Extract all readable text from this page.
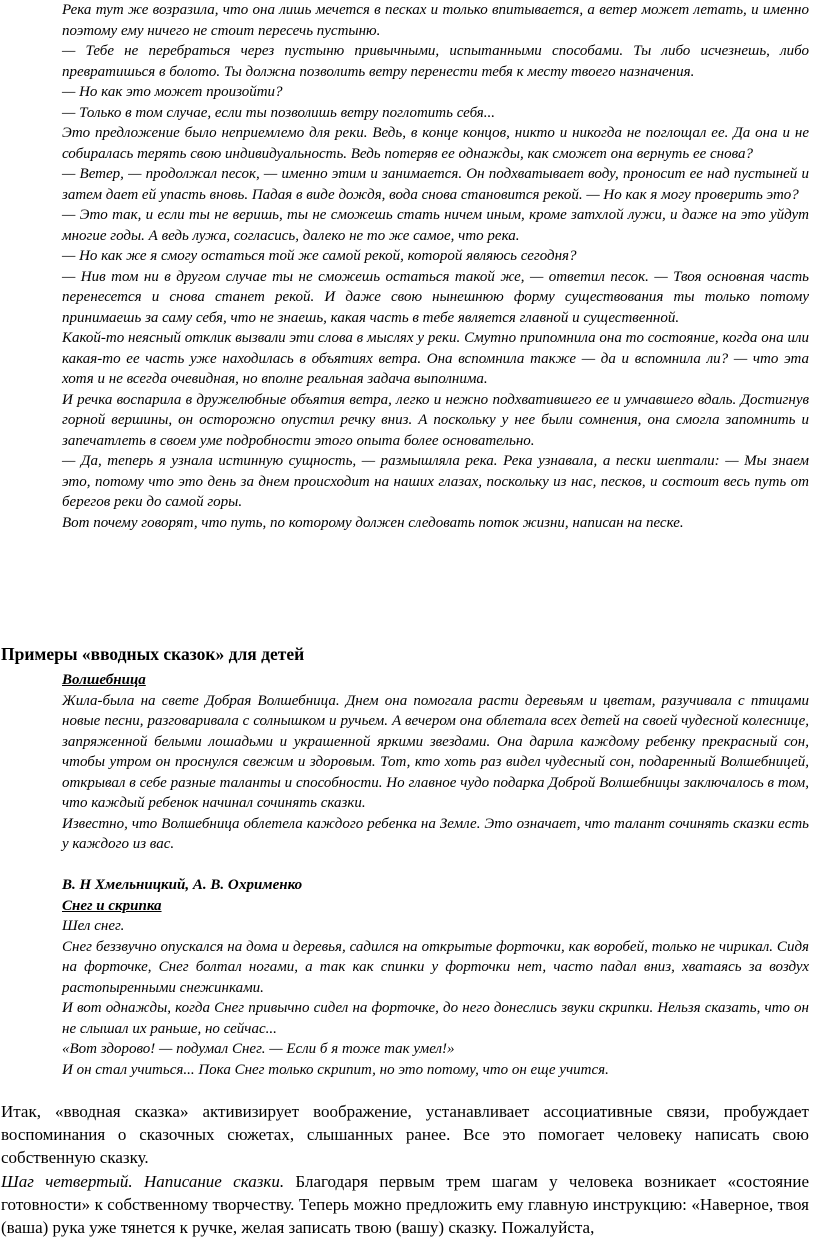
Река тут же возразила, что она лишь мечется в песках и только впитывается, а ветер может летать, и именно поэтому ему ничего не стоит пересечь пустыню.

— Тебе не перебраться через пустыню привычными, испытанными способами. Ты либо исчезнешь, либо превратишься в болото. Ты должна позволить ветру перенести тебя к месту твоего назначения.

— Но как это может произойти?

— Только в том случае, если ты позволишь ветру поглотить себя...

Это предложение было неприемлемо для реки. Ведь, в конце концов, никто и никогда не поглощал ее. Да она и не собиралась терять свою индивидуальность. Ведь потеряв ее однажды, как сможет она вернуть ее снова?

— Ветер, — продолжал песок, — именно этим и занимается. Он подхватывает воду, проносит ее над пустыней и затем дает ей упасть вновь. Падая в виде дождя, вода снова становится рекой. — Но как я могу проверить это?

— Это так, и если ты не веришь, ты не сможешь стать ничем иным, кроме затхлой лужи, и даже на это уйдут многие годы. А ведь лужа, согласись, далеко не то же самое, что река.

— Но как же я смогу остаться той же самой рекой, которой являюсь сегодня?

— Нив том ни в другом случае ты не сможешь остаться такой же, — ответил песок. — Твоя основная часть перенесется и снова станет рекой. И даже свою нынешнюю форму существования ты только потому принимаешь за саму себя, что не знаешь, какая часть в тебе является главной и существенной.

Какой-то неясный отклик вызвали эти слова в мыслях у реки. Смутно припомнила она то состояние, когда она или какая-то ее часть уже находилась в объятиях ветра. Она вспомнила также — да и вспомнила ли? — что эта хотя и не всегда очевидная, но вполне реальная задача выполнима.

И речка воспарила в дружелюбные объятия ветра, легко и нежно подхватившего ее и умчавшего вдаль. Достигнув горной вершины, он осторожно опустил речку вниз. А поскольку у нее были сомнения, она смогла запомнить и запечатлеть в своем уме подробности этого опыта более основательно.

— Да, теперь я узнала истинную сущность, — размышляла река. Река узнавала, а пески шептали: — Мы знаем это, потому что это день за днем происходит на наших глазах, поскольку из нас, песков, и состоит весь путь от берегов реки до самой горы.

Вот почему говорят, что путь, по которому должен следовать поток жизни, написан на песке.

Примеры «вводных сказок» для детей

Волшебница

Жила-была на свете Добрая Волшебница. Днем она помогала расти деревьям и цветам, разучивала с птицами новые песни, разговаривала с солнышком и ручьем. А вечером она облетала всех детей на своей чудесной колеснице, запряженной белыми лошадьми и украшенной яркими звездами. Она дарила каждому ребенку прекрасный сон, чтобы утром он проснулся свежим и здоровым. Тот, кто хоть раз видел чудесный сон, подаренный Волшебницей, открывал в себе разные таланты и способности. Но главное чудо подарка Доброй Волшебницы заключалось в том, что каждый ребенок начинал сочинять сказки.

Известно, что Волшебница облетела каждого ребенка на Земле. Это означает, что талант сочинять сказки есть у каждого из вас.

В. Н Хмельницкий, А. В. Охрименко

Снег и скрипка

Шел снег.

Снег беззвучно опускался на дома и деревья, садился на открытые форточки, как воробей, только не чирикал. Сидя на форточке, Снег болтал ногами, а так как спинки у форточки нет, часто падал вниз, хватаясь за воздух растопыренными снежинками.

И вот однажды, когда Снег привычно сидел на форточке, до него донеслись звуки скрипки. Нельзя сказать, что он не слышал их раньше, но сейчас...

«Вот здорово! — подумал Снег. — Если б я тоже так умел!»

И он стал учиться... Пока Снег только скрипит, но это потому, что он еще учится.

Итак, «вводная сказка» активизирует воображение, устанавливает ассоциативные связи, пробуждает воспоминания о сказочных сюжетах, слышанных ранее. Все это помогает человеку написать свою собственную сказку.

Шаг четвертый. Написание сказки. Благодаря первым трем шагам у человека возникает «состояние готовности» к собственному творчеству. Теперь можно предложить ему главную инструкцию: «Наверное, твоя (ваша) рука уже тянется к ручке, желая записать твою (вашу) сказку. Пожалуйста,
